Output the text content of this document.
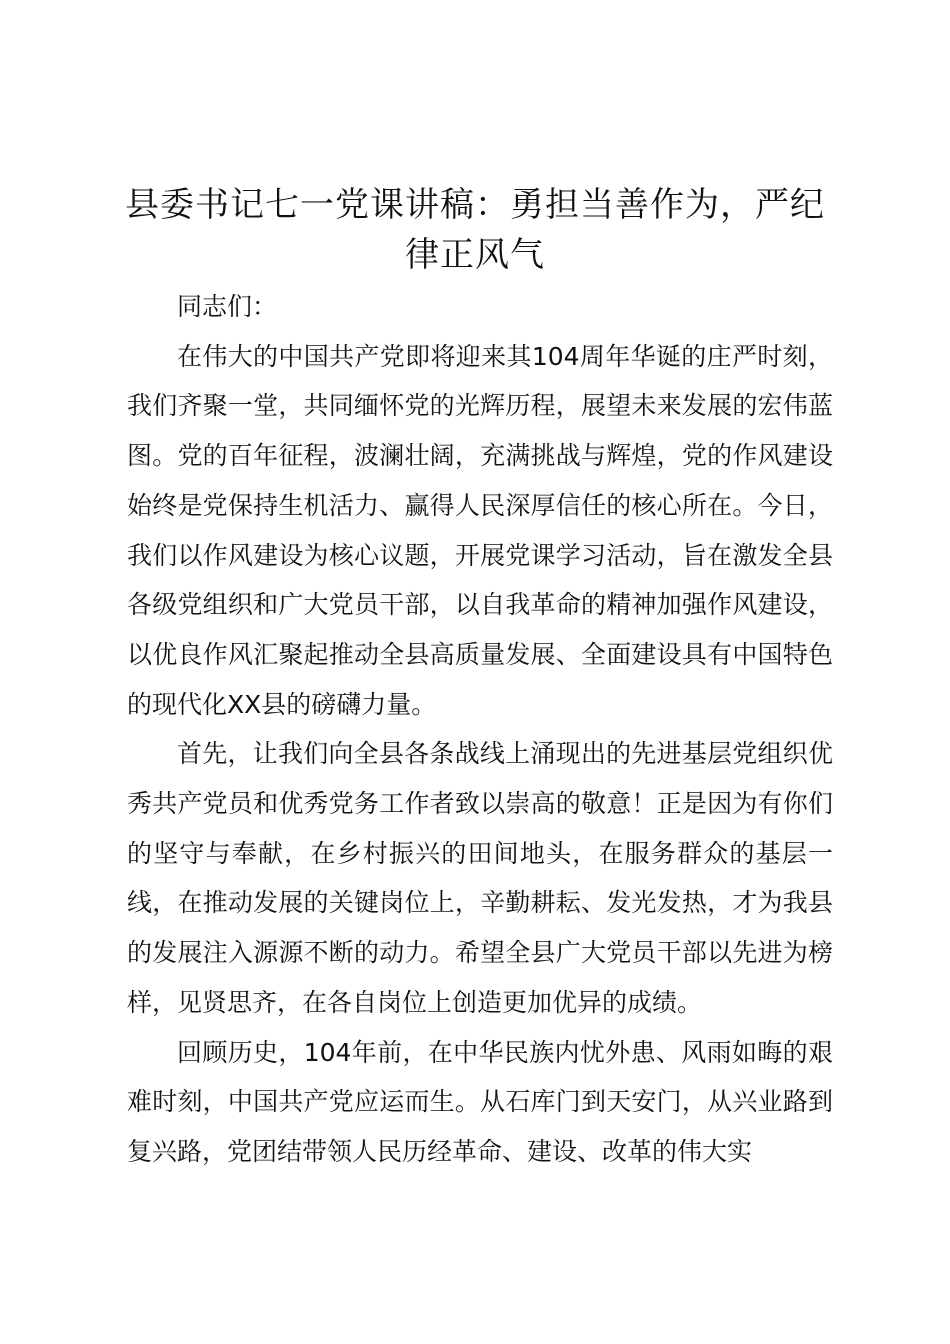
县委书记七一党课讲稿：勇担当善作为，严纪律正风气

同志们：

在伟大的中国共产党即将迎来其104周年华诞的庄严时刻，我们齐聚一堂，共同缅怀党的光辉历程，展望未来发展的宏伟蓝图。党的百年征程，波澜壮阔，充满挑战与辉煌，党的作风建设始终是党保持生机活力、赢得人民深厚信任的核心所在。今日，我们以作风建设为核心议题，开展党课学习活动，旨在激发全县各级党组织和广大党员干部，以自我革命的精神加强作风建设，以优良作风汇聚起推动全县高质量发展、全面建设具有中国特色的现代化XX县的磅礴力量。

首先，让我们向全县各条战线上涌现出的先进基层党组织优秀共产党员和优秀党务工作者致以崇高的敬意！正是因为有你们的坚守与奉献，在乡村振兴的田间地头，在服务群众的基层一线，在推动发展的关键岗位上，辛勤耕耘、发光发热，才为我县的发展注入源源不断的动力。希望全县广大党员干部以先进为榜样，见贤思齐，在各自岗位上创造更加优异的成绩。

回顾历史，104年前，在中华民族内忧外患、风雨如晦的艰难时刻，中国共产党应运而生。从石库门到天安门，从兴业路到复兴路，党团结带领人民历经革命、建设、改革的伟大实
